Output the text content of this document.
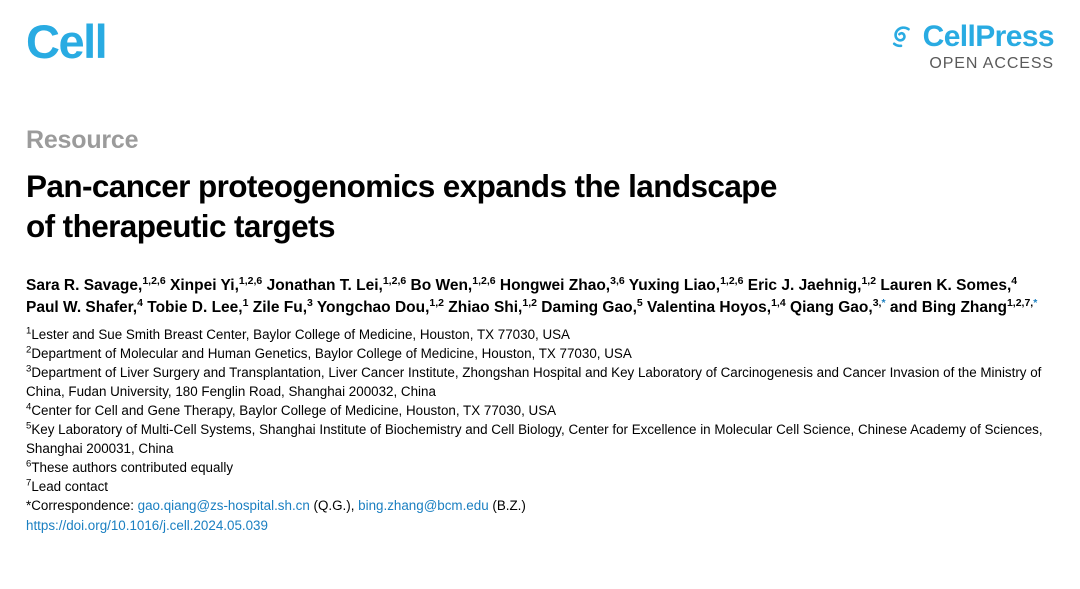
Cell	CellPress
OPEN ACCESS
Resource
Pan-cancer proteogenomics expands the landscape
of therapeutic targets
Sara R. Savage,$^{1,2,6}$ Xinpei Yi,$^{1,2,6}$ Jonathan T. Lei,$^{1,2,6}$ Bo Wen,$^{1,2,6}$ Hongwei Zhao,$^{3,6}$ Yuxing Liao,$^{1,2,6}$ Eric J. Jaehnig,$^{1,2}$ Lauren K. Somes,$^4$ Paul W. Shafer,$^4$ Tobie D. Lee,$^1$ Zile Fu,$^3$ Yongchao Dou,$^{1,2}$ Zhiao Shi,$^{1,2}$ Daming Gao,$^5$ Valentina Hoyos,$^{1,4}$ Qiang Gao,$^{3,*}$ and Bing Zhang$^{1,2,7,*}$
$^1$Lester and Sue Smith Breast Center, Baylor College of Medicine, Houston, TX 77030, USA
$^2$Department of Molecular and Human Genetics, Baylor College of Medicine, Houston, TX 77030, USA
$^3$Department of Liver Surgery and Transplantation, Liver Cancer Institute, Zhongshan Hospital and Key Laboratory of Carcinogenesis and Cancer Invasion of the Ministry of China, Fudan University, 180 Fenglin Road, Shanghai 200032, China
$^4$Center for Cell and Gene Therapy, Baylor College of Medicine, Houston, TX 77030, USA
$^5$Key Laboratory of Multi-Cell Systems, Shanghai Institute of Biochemistry and Cell Biology, Center for Excellence in Molecular Cell Science, Chinese Academy of Sciences, Shanghai 200031, China
$^6$These authors contributed equally
$^7$Lead contact
*Correspondence: gao.qiang@zs-hospital.sh.cn (Q.G.), bing.zhang@bcm.edu (B.Z.)
https://doi.org/10.1016/j.cell.2024.05.039
